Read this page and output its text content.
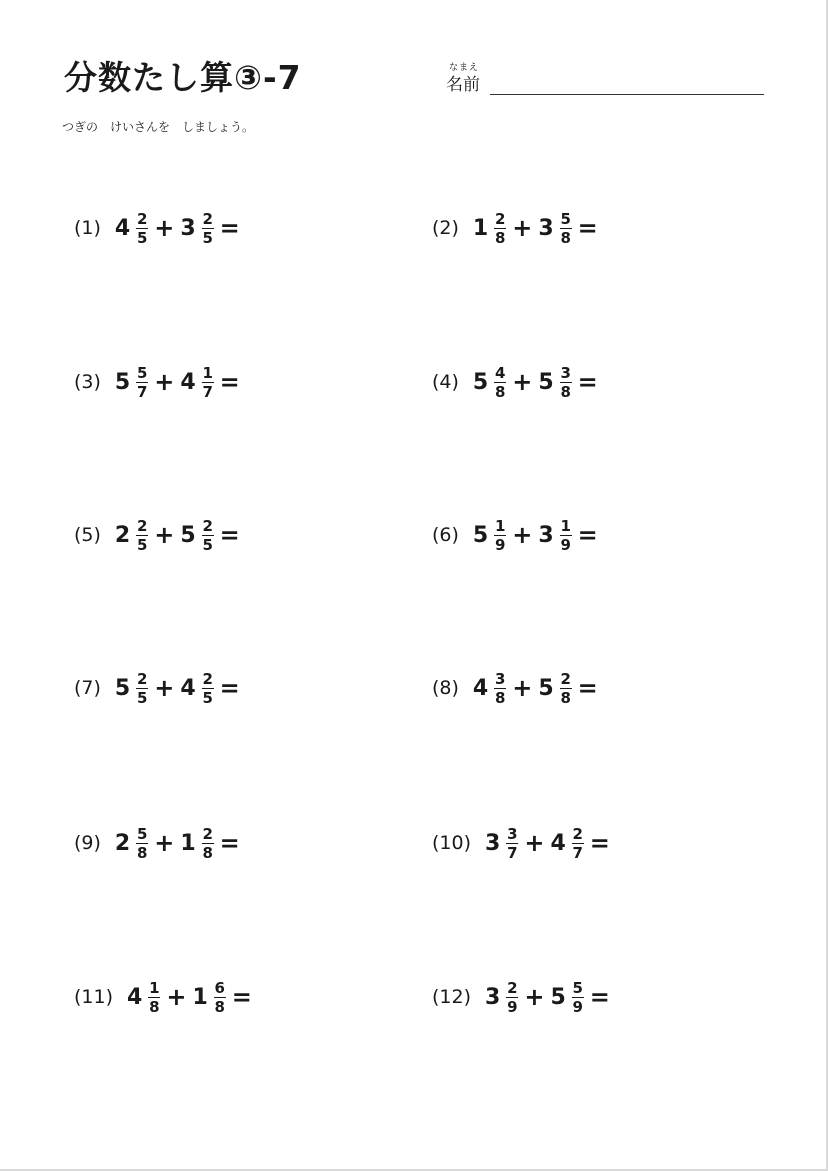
分数たし算③-7	なまえ
名前
つぎの　けいさんを　しましょう。
(1) $4 \frac{2}{5} + 3 \frac{2}{5}$ =	(2) $1 \frac{2}{8} + 3 \frac{5}{8}$ =
(3) $5 \frac{5}{7} + 4 \frac{1}{7}$ =	(4) $5 \frac{4}{8} + 5 \frac{3}{8}$ =
(5) $2 \frac{2}{5} + 5 \frac{2}{5}$ =	(6) $5 \frac{1}{9} + 3 \frac{1}{9}$ =
(7) $5 \frac{2}{5} + 4 \frac{2}{5}$ =	(8) $4 \frac{3}{8} + 5 \frac{2}{8}$ =
(9) $2 \frac{5}{8} + 1 \frac{2}{8}$ =	(10) $3 \frac{3}{7} + 4 \frac{2}{7}$ =
(11) $4 \frac{1}{8} + 1 \frac{6}{8}$ =	(12) $3 \frac{2}{9} + 5 \frac{5}{9}$ =
